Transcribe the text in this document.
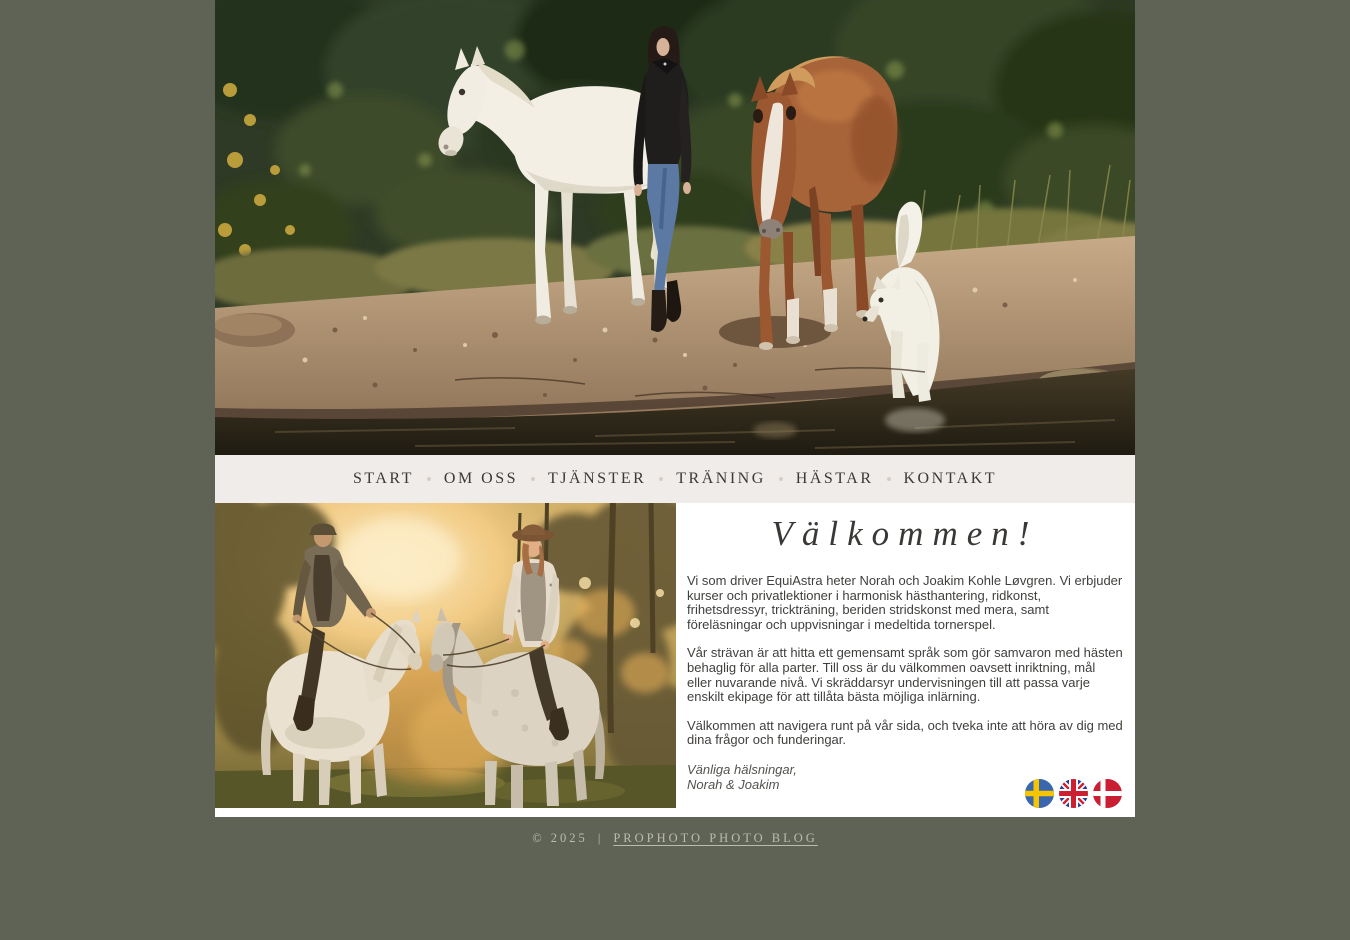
START OM OSS TJÄNSTER TRÄNING HÄSTAR KONTAKT
Välkommen!

Vi som driver EquiAstra heter Norah och Joakim Kohle Løvgren. Vi erbjuder kurser och privatlektioner i harmonisk hästhantering, ridkonst, frihetsdressyr, trickträning, beriden stridskonst med mera, samt föreläsningar och uppvisningar i medeltida tornerspel.

Vår strävan är att hitta ett gemensamt språk som gör samvaron med hästen behaglig för alla parter. Till oss är du välkommen oavsett inriktning, mål eller nuvarande nivå. Vi skräddarsyr undervisningen till att passa varje enskilt ekipage för att tillåta bästa möjliga inlärning.

Välkommen att navigera runt på vår sida, och tveka inte att höra av dig med dina frågor och funderingar.

Vänliga hälsningar,

Norah & Joakim

© 2025 | PROPHOTO PHOTO BLOG
